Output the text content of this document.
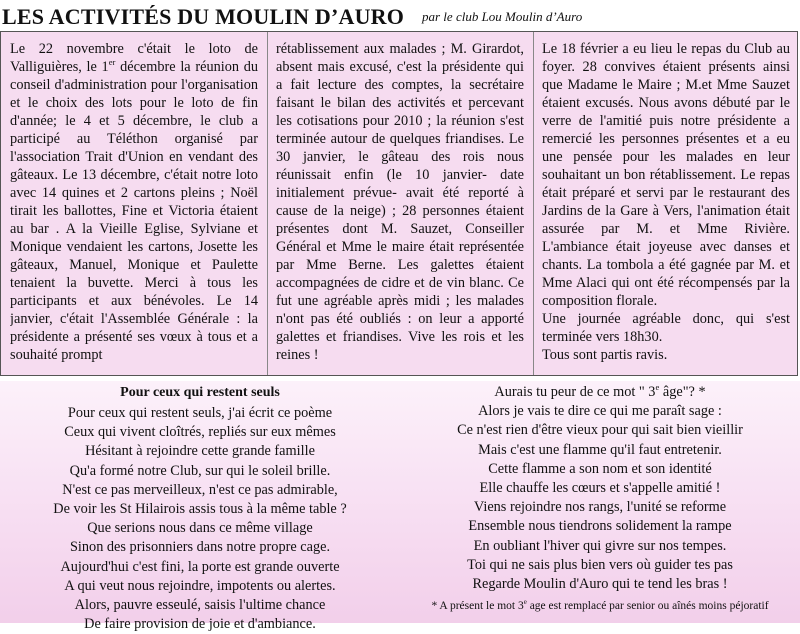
LES ACTIVITÉS DU MOULIN D’AURO par le club Lou Moulin d’Auro

Le 22 novembre c'était le loto de Valliguières, le 1er décembre la réunion du conseil d'administration pour l'organisation et le choix des lots pour le loto de fin d'année; le 4 et 5 décembre, le club a participé au Téléthon organisé par l'association Trait d'Union en vendant des gâteaux. Le 13 décembre, c'était notre loto avec 14 quines et 2 cartons pleins ; Noël tirait les ballottes, Fine et Victoria étaient au bar . A la Vieille Eglise, Sylviane et Monique vendaient les cartons, Josette les gâteaux, Manuel, Monique et Paulette tenaient la buvette. Merci à tous les participants et aux bénévoles. Le 14 janvier, c'était l'Assemblée Générale : la présidente a présenté ses vœux à tous et a souhaité prompt

rétablissement aux malades ; M. Girardot, absent mais excusé, c'est la présidente qui a fait lecture des comptes, la secrétaire faisant le bilan des activités et percevant les cotisations pour 2010 ; la réunion s'est terminée autour de quelques friandises. Le 30 janvier, le gâteau des rois nous réunissait enfin (le 10 janvier- date initialement prévue- avait été reporté à cause de la neige) ; 28 personnes étaient présentes dont M. Sauzet, Conseiller Général et Mme le maire était représentée par Mme Berne. Les galettes étaient accompagnées de cidre et de vin blanc. Ce fut une agréable après midi ; les malades n'ont pas été oubliés : on leur a apporté galettes et friandises. Vive les rois et les reines !

Le 18 février a eu lieu le repas du Club au foyer. 28 convives étaient présents ainsi que Madame le Maire ; M.et Mme Sauzet étaient excusés. Nous avons débuté par le verre de l'amitié puis notre présidente a remercié les personnes présentes et a eu une pensée pour les malades en leur souhaitant un bon rétablissement. Le repas était préparé et servi par le restaurant des Jardins de la Gare à Vers, l'animation était assurée par M. et Mme Rivière. L'ambiance était joyeuse avec danses et chants. La tombola a été gagnée par M. et Mme Alaci qui ont été récompensés par la composition florale.

Une journée agréable donc, qui s'est terminée vers 18h30.

Tous sont partis ravis.

Pour ceux qui restent seuls
Pour ceux qui restent seuls, j'ai écrit ce poème
Ceux qui vivent cloîtrés, repliés sur eux mêmes
Hésitant à rejoindre cette grande famille
Qu'a formé notre Club, sur qui le soleil brille.
N'est ce pas merveilleux, n'est ce pas admirable,
De voir les St Hilairois assis tous à la même table ?
Que serions nous dans ce même village
Sinon des prisonniers dans notre propre cage.
Aujourd'hui c'est fini, la porte est grande ouverte
A qui veut nous rejoindre, impotents ou alertes.
Alors, pauvre esseulé, saisis l'ultime chance
De faire provision de joie et d'ambiance.
Aurais tu peur de ce mot " 3e âge"? *
Alors je vais te dire ce qui me paraît sage :
Ce n'est rien d'être vieux pour qui sait bien vieillir
Mais c'est une flamme qu'il faut entretenir.
Cette flamme a son nom et son identité
Elle chauffe les cœurs et s'appelle amitié !
Viens rejoindre nos rangs, l'unité se reforme
Ensemble nous tiendrons solidement la rampe
En oubliant l'hiver qui givre sur nos tempes.
Toi qui ne sais plus bien vers où guider tes pas
Regarde Moulin d'Auro qui te tend les bras !
* A présent le mot 3e age est remplacé par senior ou aînés moins péjoratif
